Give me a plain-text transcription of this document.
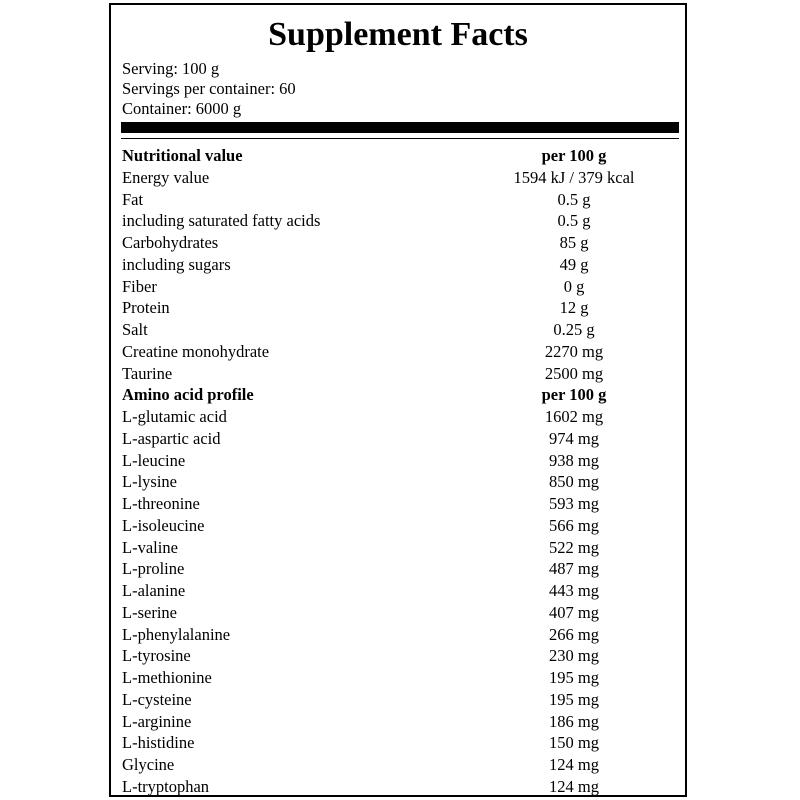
Supplement Facts

Serving: 100 g

Servings per container: 60

Container: 6000 g

Nutritional value	per 100 g
Energy value	1594 kJ / 379 kcal
Fat	0.5 g
including saturated fatty acids	0.5 g
Carbohydrates	85 g
including sugars	49 g
Fiber	0 g
Protein	12 g
Salt	0.25 g
Creatine monohydrate	2270 mg
Taurine	2500 mg
Amino acid profile	per 100 g
L-glutamic acid	1602 mg
L-aspartic acid	974 mg
L-leucine	938 mg
L-lysine	850 mg
L-threonine	593 mg
L-isoleucine	566 mg
L-valine	522 mg
L-proline	487 mg
L-alanine	443 mg
L-serine	407 mg
L-phenylalanine	266 mg
L-tyrosine	230 mg
L-methionine	195 mg
L-cysteine	195 mg
L-arginine	186 mg
L-histidine	150 mg
Glycine	124 mg
L-tryptophan	124 mg
